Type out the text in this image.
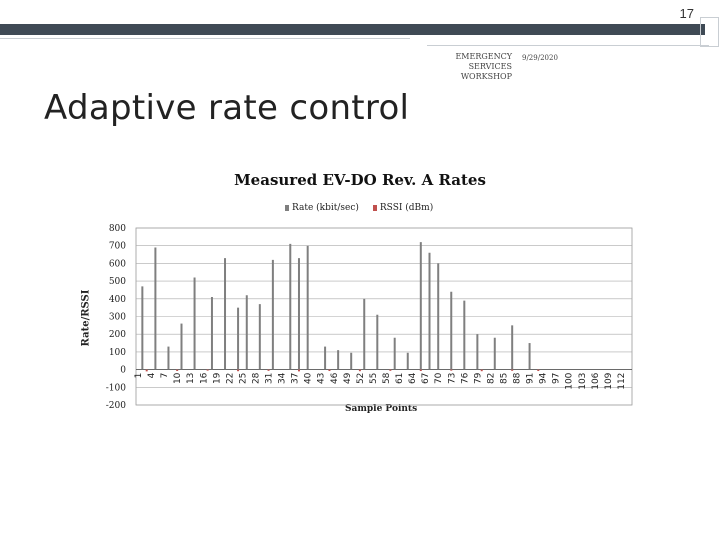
17
EMERGENCY SERVICES WORKSHOP
9/29/2020
Adaptive rate control
Measured EV-DO Rev. A Rates
Rate (kbit/sec) RSSI (dBm)
Rate/RSSI
Sample Points
800
700
600
500
400
300
200
100
0
-100
-200
1 4 7 10 13 16 19 22 25 28 31 34 37 40 43 46 49 52 55 58 61 64 67 70 73 76 79 82 85 88 91 94 97 100 103 106 109 112
